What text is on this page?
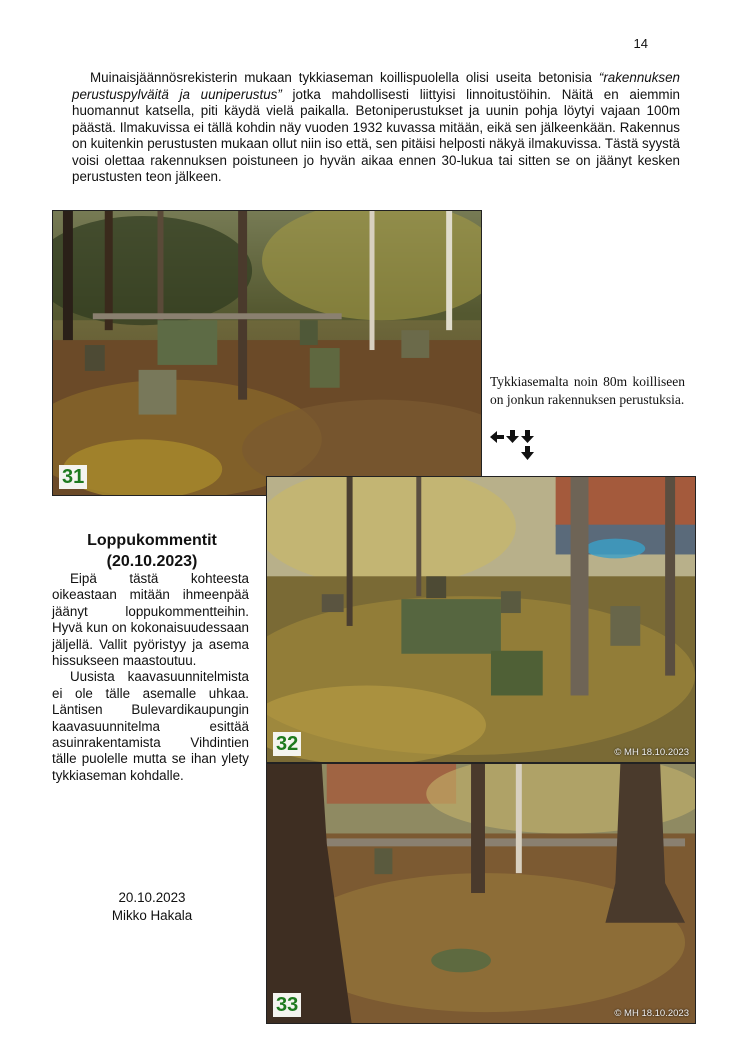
14

Muinaisjäännösrekisterin mukaan tykkiaseman koillispuolella olisi useita betonisia “rakennuksen perustuspylväitä ja uuniperustus” jotka mahdollisesti liittyisi linnoitustöihin. Näitä en aiemmin huomannut katsella, piti käydä vielä paikalla. Betoniperustukset ja uunin pohja löytyi vajaan 100m päästä. Ilmakuvissa ei tällä kohdin näy vuoden 1932 kuvassa mitään, eikä sen jälkeenkään. Rakennus on kuitenkin perustusten mukaan ollut niin iso että, sen pitäisi helposti näkyä ilmakuvissa. Tästä syystä voisi olettaa rakennuksen poistuneen jo hyvän aikaa ennen 30-lukua tai sitten se on jäänyt kesken perustusten teon jälkeen.

31
Tykkiasemalta noin 80m koilliseen on jonkun rakennuksen perustuksia.
32	© MH 18.10.2023
33	© MH 18.10.2023
Loppukommentit
(20.10.2023)

Eipä tästä kohteesta oikeastaan mitään ihmeenpää jäänyt loppukommentteihin. Hyvä kun on kokonaisuudessaan jäljellä. Vallit pyöristyy ja asema hissukseen maastoutuu.

Uusista kaavasuunnitelmista ei ole tälle asemalle uhkaa. Läntisen Bulevardikaupungin kaavasuunnitelma esittää asuinrakentamista Vihdintien tälle puolelle mutta se ihan ylety tykkiaseman kohdalle.

20.10.2023
Mikko Hakala
